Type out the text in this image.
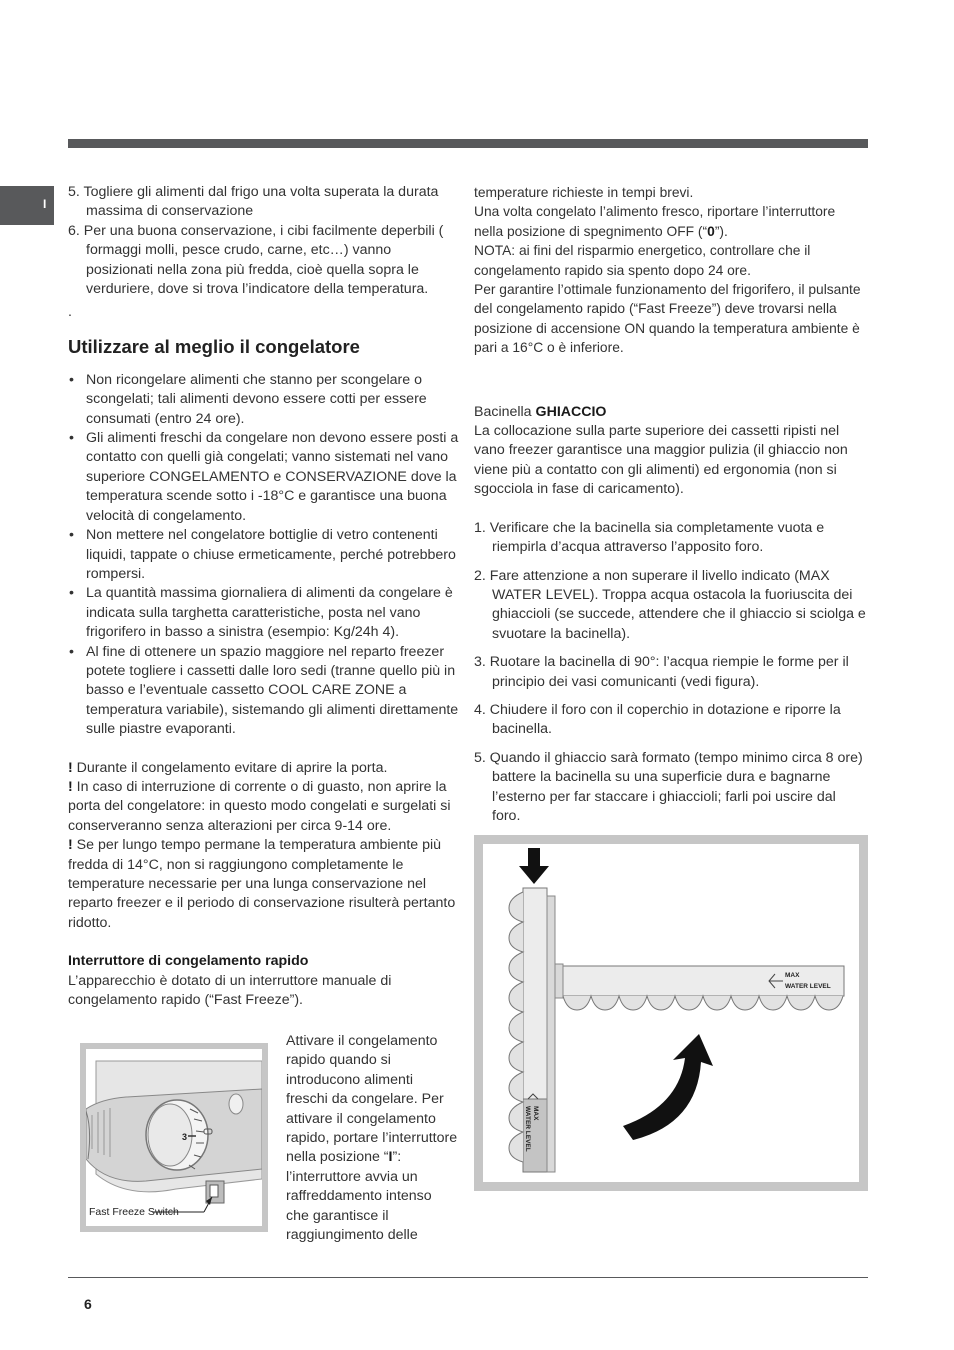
I

5. Togliere gli alimenti dal frigo una volta superata la durata massima di conservazione

6. Per una buona conservazione, i cibi facilmente deperbili ( formaggi molli, pesce crudo, carne, etc…) vanno posizionati nella zona più fredda, cioè quella sopra le verduriere, dove si trova l’indicatore della temperatura.

.

Utilizzare al meglio il congelatore
• Non ricongelare alimenti che stanno per scongelare o scongelati; tali alimenti devono essere cotti per essere consumati (entro 24 ore).
• Gli alimenti freschi da congelare non devono essere posti a contatto con quelli già congelati; vanno sistemati nel vano superiore CONGELAMENTO e CONSERVAZIONE dove la temperatura scende sotto i -18°C e garantisce una buona velocità di congelamento.
• Non mettere nel congelatore bottiglie di vetro contenenti liquidi, tappate o chiuse ermeticamente, perché potrebbero rompersi.
• La quantità massima giornaliera di alimenti da congelare è indicata sulla targhetta caratteristiche, posta nel vano frigorifero in basso a sinistra (esempio: Kg/24h 4).
• Al fine di ottenere un spazio maggiore nel reparto freezer potete togliere i cassetti dalle loro sedi (tranne quello più in basso e l’eventuale cassetto COOL CARE ZONE a temperatura variabile), sistemando gli alimenti direttamente sulle piastre evaporanti.

! Durante il congelamento evitare di aprire la porta.

! In caso di interruzione di corrente o di guasto, non aprire la porta del congelatore: in questo modo congelati e surgelati si conserveranno senza alterazioni per circa 9-14 ore.

! Se per lungo tempo permane la temperatura ambiente più fredda di 14°C, non si raggiungono completamente le temperature necessarie per una lunga conservazione nel reparto freezer e il periodo di conservazione risulterà pertanto ridotto.

Interruttore di congelamento rapido

L’apparecchio è dotato di un interruttore manuale di congelamento rapido (“Fast Freeze”).

Attivare il congelamento rapido quando si introducono alimenti freschi da congelare. Per attivare il congelamento rapido, portare l’interruttore nella posizione “I”: l’interruttore avvia un raffreddamento intenso che garantisce il raggiungimento delle
3
Fast Freeze Switch

temperature richieste in tempi brevi.

Una volta congelato l’alimento fresco, riportare l’interruttore nella posizione di spegnimento OFF (“0”).

NOTA: ai fini del risparmio energetico, controllare che il congelamento rapido sia spento dopo 24 ore.

Per garantire l’ottimale funzionamento del frigorifero, il pulsante del congelamento rapido (“Fast Freeze”) deve trovarsi nella posizione di accensione ON quando la temperatura ambiente è pari a 16°C o è inferiore.

Bacinella GHIACCIO

La collocazione sulla parte superiore dei cassetti ripisti nel vano freezer garantisce una maggior pulizia (il ghiaccio non viene più a contatto con gli alimenti) ed ergonomia (non si sgocciola in fase di caricamento).

1. Verificare che la bacinella sia completamente vuota e riempirla d’acqua attraverso l’apposito foro.

2. Fare attenzione a non superare il livello indicato (MAX WATER LEVEL). Troppa acqua ostacola la fuoriuscita dei ghiaccioli (se succede, attendere che il ghiaccio si sciolga e svuotare la bacinella).

3. Ruotare la bacinella di 90°: l’acqua riempie le forme per il principio dei vasi comunicanti (vedi figura).

4. Chiudere il foro con il coperchio in dotazione e riporre la bacinella.

5. Quando il ghiaccio sarà formato (tempo minimo circa 8 ore) battere la bacinella su una superficie dura e bagnarne l’esterno per far staccare i ghiaccioli; farli poi uscire dal foro.

MAX
WATER LEVEL
MAX
WATER LEVEL
6
